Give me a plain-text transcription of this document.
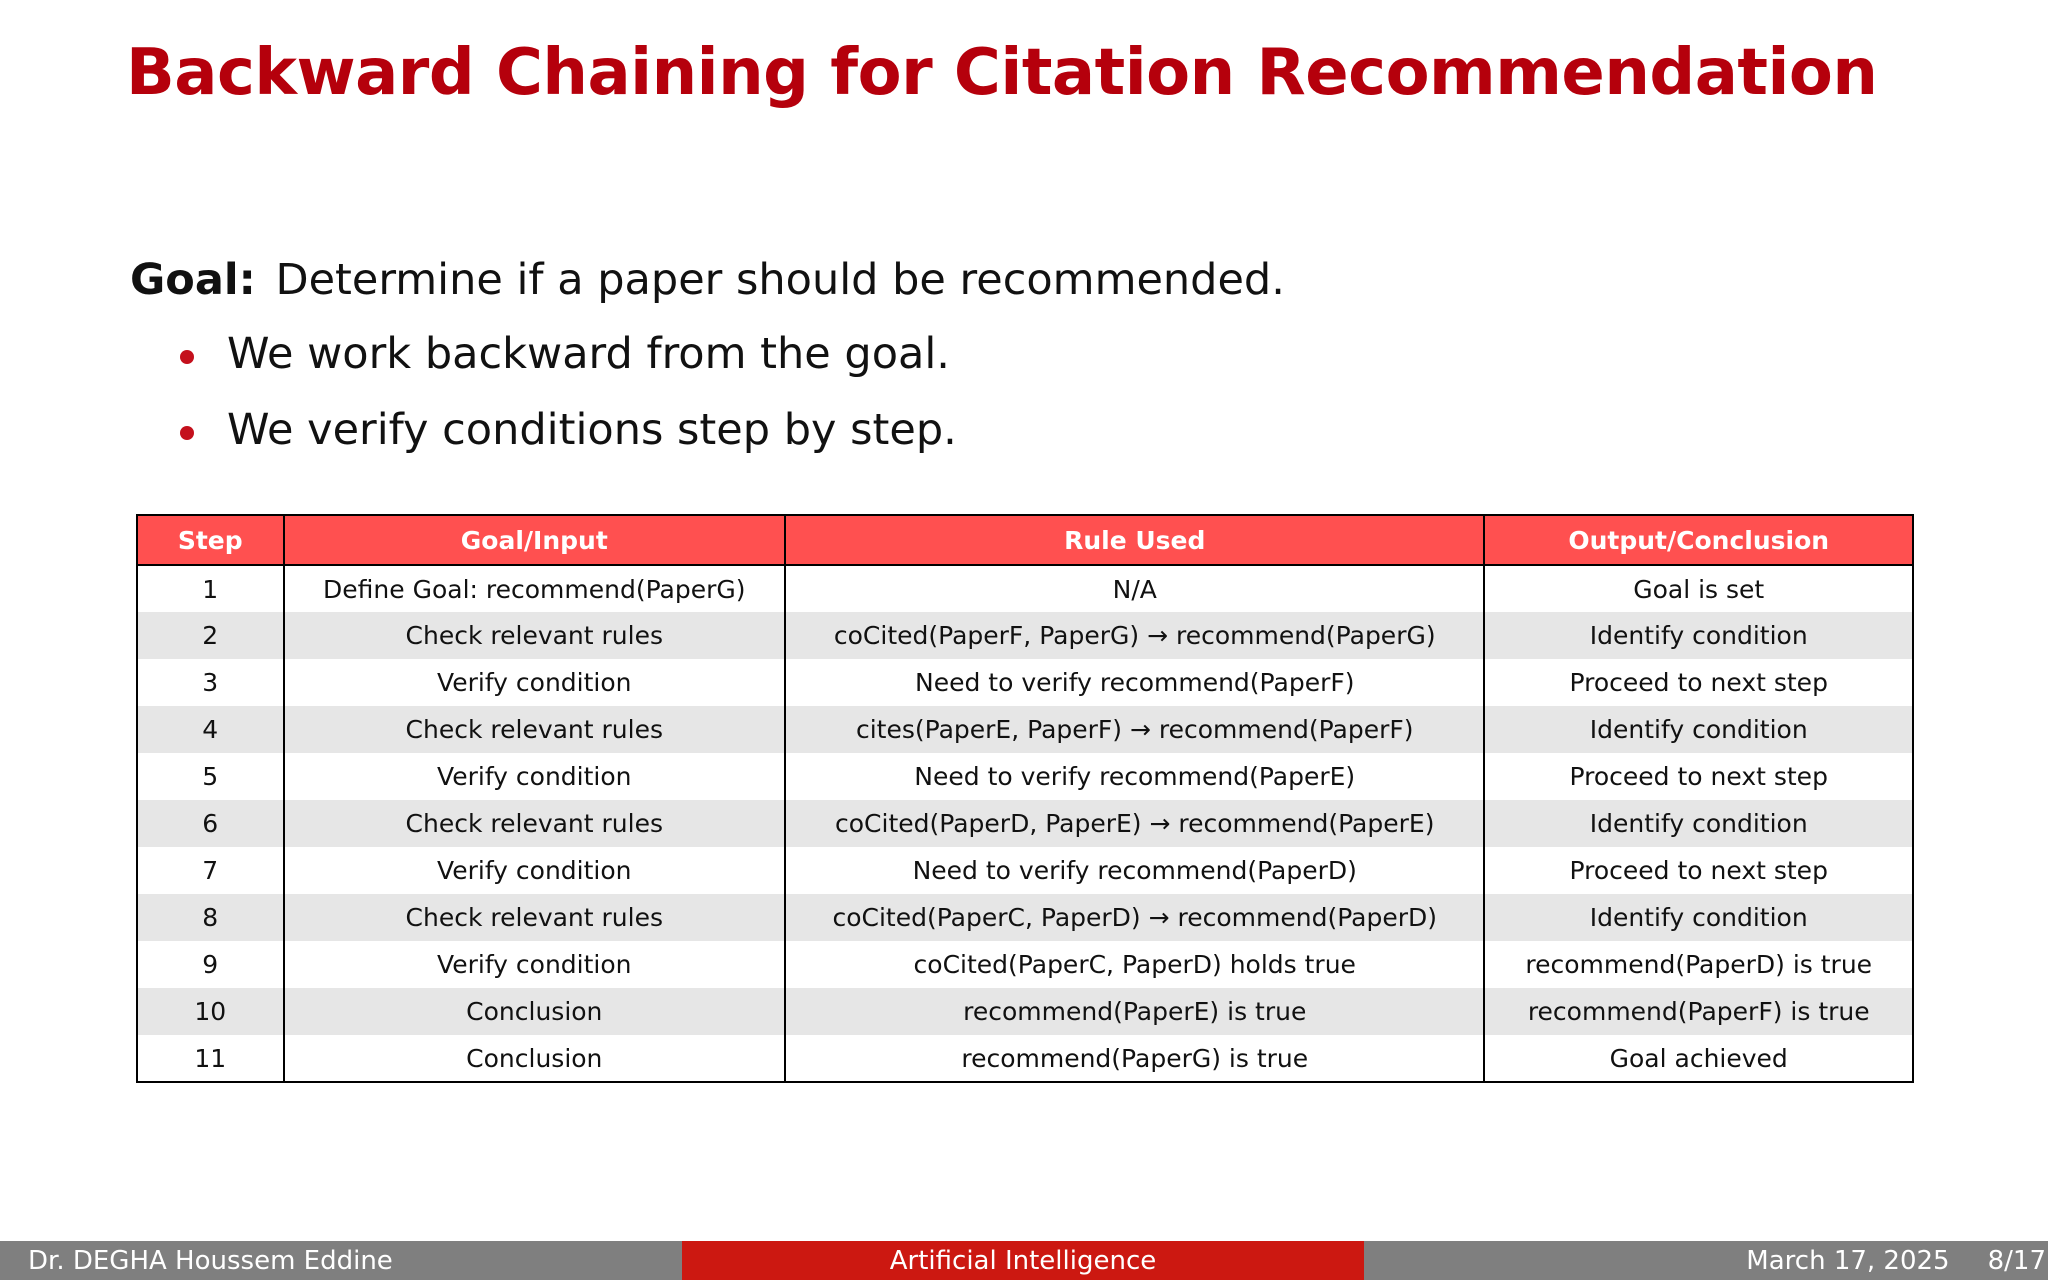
Backward Chaining for Citation Recommendation
Goal: Determine if a paper should be recommended.
We work backward from the goal.
We verify conditions step by step.
Step	Goal/Input	Rule Used	Output/Conclusion
1	Define Goal: recommend(PaperG)	N/A	Goal is set
2	Check relevant rules	coCited(PaperF, PaperG) → recommend(PaperG)	Identify condition
3	Verify condition	Need to verify recommend(PaperF)	Proceed to next step
4	Check relevant rules	cites(PaperE, PaperF) → recommend(PaperF)	Identify condition
5	Verify condition	Need to verify recommend(PaperE)	Proceed to next step
6	Check relevant rules	coCited(PaperD, PaperE) → recommend(PaperE)	Identify condition
7	Verify condition	Need to verify recommend(PaperD)	Proceed to next step
8	Check relevant rules	coCited(PaperC, PaperD) → recommend(PaperD)	Identify condition
9	Verify condition	coCited(PaperC, PaperD) holds true	recommend(PaperD) is true
10	Conclusion	recommend(PaperE) is true	recommend(PaperF) is true
11	Conclusion	recommend(PaperG) is true	Goal achieved
Dr. DEGHA Houssem Eddine	Artificial Intelligence	March 17, 2025 8/17
